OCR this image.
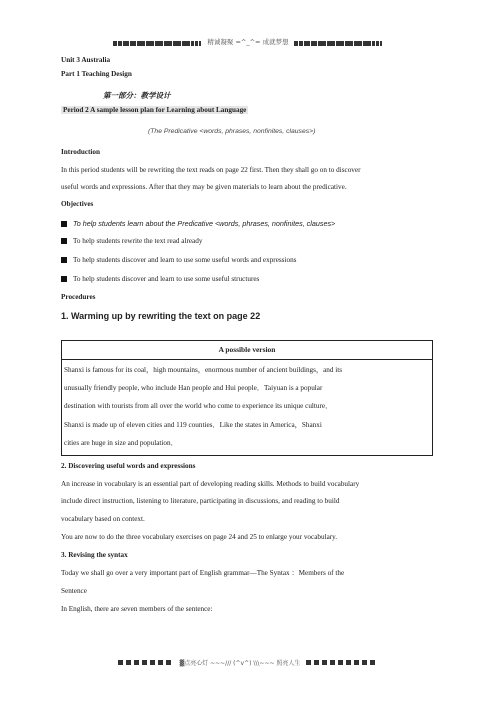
精诚凝聚 =^_^= 成就梦想
Unit 3 Australia
Part 1 Teaching Design
第一部分：教学设计
Period 2 A sample lesson plan for Learning about Language
(The Predicative <words, phrases, nonfinites, clauses>)
Introduction
In this period students will be rewriting the text reads on page 22 first. Then they shall go on to discover
useful words and expressions. After that they may be given materials to learn about the predicative.
Objectives
To help students learn about the Predicative <words, phrases, nonfinites, clauses>
To help students rewrite the text read already
To help students discover and learn to use some useful words and expressions
To help students discover and learn to use some useful structures
Procedures
1. Warming up by rewriting the text on page 22
A possible version
Shanxi is famous for its coal，high mountains，enormous number of ancient buildings，and its
unusually friendly people, who include Han people and Hui people．Taiyuan is a popular
destination with tourists from all over the world who come to experience its unique culture．
Shanxi is made up of eleven cities and 119 counties．Like the states in America，Shanxi
cities are huge in size and population．
2. Discovering useful words and expressions
An increase in vocabulary is an essential part of developing reading skills. Methods to build vocabulary
include direct instruction, listening to literature, participating in discussions, and reading to build
vocabulary based on context.
You are now to do the three vocabulary exercises on page 24 and 25 to enlarge your vocabulary.
3. Revising the syntax
Today we shall go over a very important part of English grammar—The Syntax ：Members of the
Sentence
In English, there are seven members of the sentence:
▓点亮心灯 ~~~/// (^v^) \\\~~~ 照亮人生
